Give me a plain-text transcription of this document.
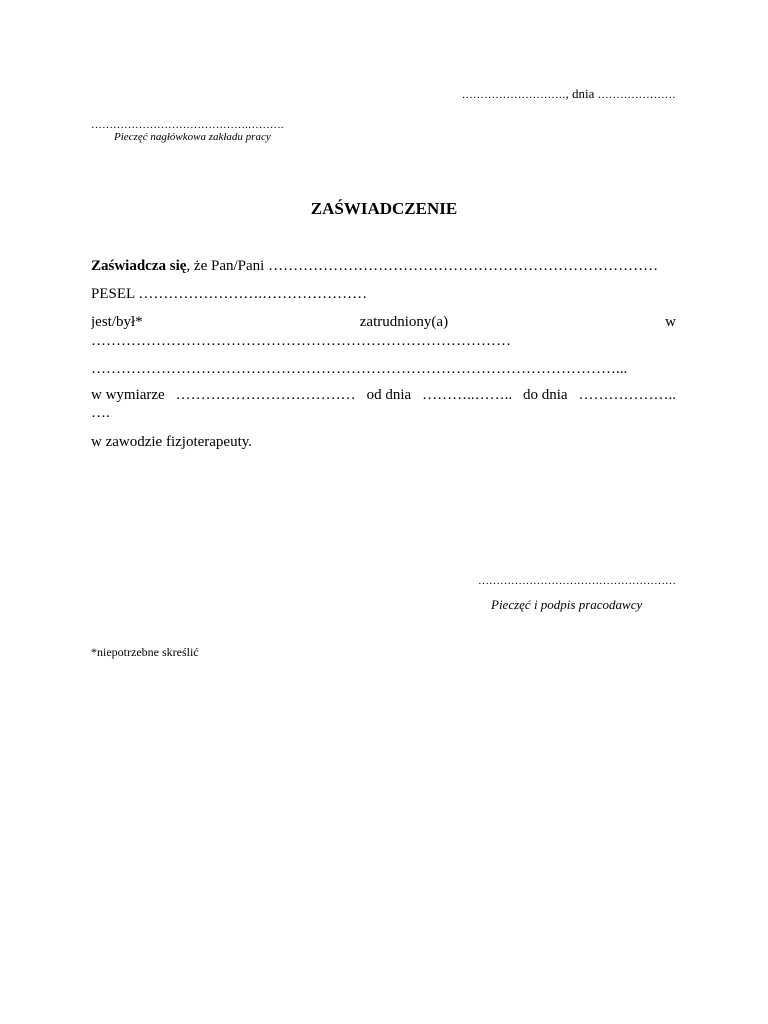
………………………., dnia …………………
…………………………………….……….
Pieczęć nagłówkowa zakładu pracy
ZAŚWIADCZENIE
Zaświadcza się, że Pan/Pani ……………………………………………………………………
PESEL …………………….…………………
jest/był*	zatrudniony(a)	w
…………………………………………………………………………
……………………………………………………………………………………………...
w wymiarze ……………………………… od dnia ………..…….. do dnia ………………..
….
w zawodzie fizjoterapeuty.
………………………………………………
Pieczęć i podpis pracodawcy
*niepotrzebne skreślić
